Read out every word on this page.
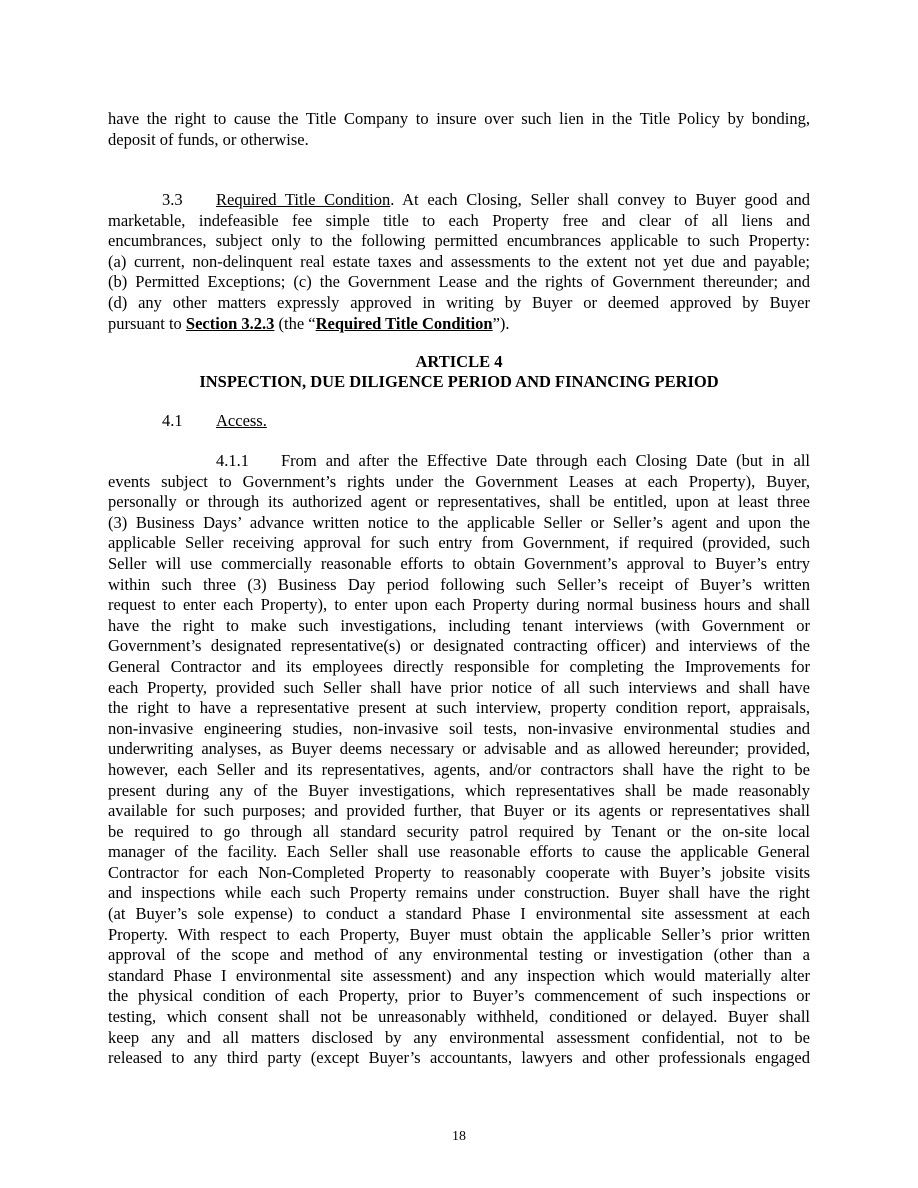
have the right to cause the Title Company to insure over such lien in the Title Policy by bonding,
deposit of funds, or otherwise.
3.3 Required Title Condition. At each Closing, Seller shall convey to Buyer good and
marketable, indefeasible fee simple title to each Property free and clear of all liens and
encumbrances, subject only to the following permitted encumbrances applicable to such Property:
(a) current, non-delinquent real estate taxes and assessments to the extent not yet due and payable;
(b) Permitted Exceptions; (c) the Government Lease and the rights of Government thereunder; and
(d) any other matters expressly approved in writing by Buyer or deemed approved by Buyer
pursuant to Section 3.2.3 (the “Required Title Condition”).
ARTICLE 4
INSPECTION, DUE DILIGENCE PERIOD AND FINANCING PERIOD
4.1 Access.
4.1.1 From and after the Effective Date through each Closing Date (but in all
events subject to Government’s rights under the Government Leases at each Property), Buyer,
personally or through its authorized agent or representatives, shall be entitled, upon at least three
(3) Business Days’ advance written notice to the applicable Seller or Seller’s agent and upon the
applicable Seller receiving approval for such entry from Government, if required (provided, such
Seller will use commercially reasonable efforts to obtain Government’s approval to Buyer’s entry
within such three (3) Business Day period following such Seller’s receipt of Buyer’s written
request to enter each Property), to enter upon each Property during normal business hours and shall
have the right to make such investigations, including tenant interviews (with Government or
Government’s designated representative(s) or designated contracting officer) and interviews of the
General Contractor and its employees directly responsible for completing the Improvements for
each Property, provided such Seller shall have prior notice of all such interviews and shall have
the right to have a representative present at such interview, property condition report, appraisals,
non-invasive engineering studies, non-invasive soil tests, non-invasive environmental studies and
underwriting analyses, as Buyer deems necessary or advisable and as allowed hereunder; provided,
however, each Seller and its representatives, agents, and/or contractors shall have the right to be
present during any of the Buyer investigations, which representatives shall be made reasonably
available for such purposes; and provided further, that Buyer or its agents or representatives shall
be required to go through all standard security patrol required by Tenant or the on-site local
manager of the facility. Each Seller shall use reasonable efforts to cause the applicable General
Contractor for each Non-Completed Property to reasonably cooperate with Buyer’s jobsite visits
and inspections while each such Property remains under construction. Buyer shall have the right
(at Buyer’s sole expense) to conduct a standard Phase I environmental site assessment at each
Property. With respect to each Property, Buyer must obtain the applicable Seller’s prior written
approval of the scope and method of any environmental testing or investigation (other than a
standard Phase I environmental site assessment) and any inspection which would materially alter
the physical condition of each Property, prior to Buyer’s commencement of such inspections or
testing, which consent shall not be unreasonably withheld, conditioned or delayed. Buyer shall
keep any and all matters disclosed by any environmental assessment confidential, not to be
released to any third party (except Buyer’s accountants, lawyers and other professionals engaged
18
